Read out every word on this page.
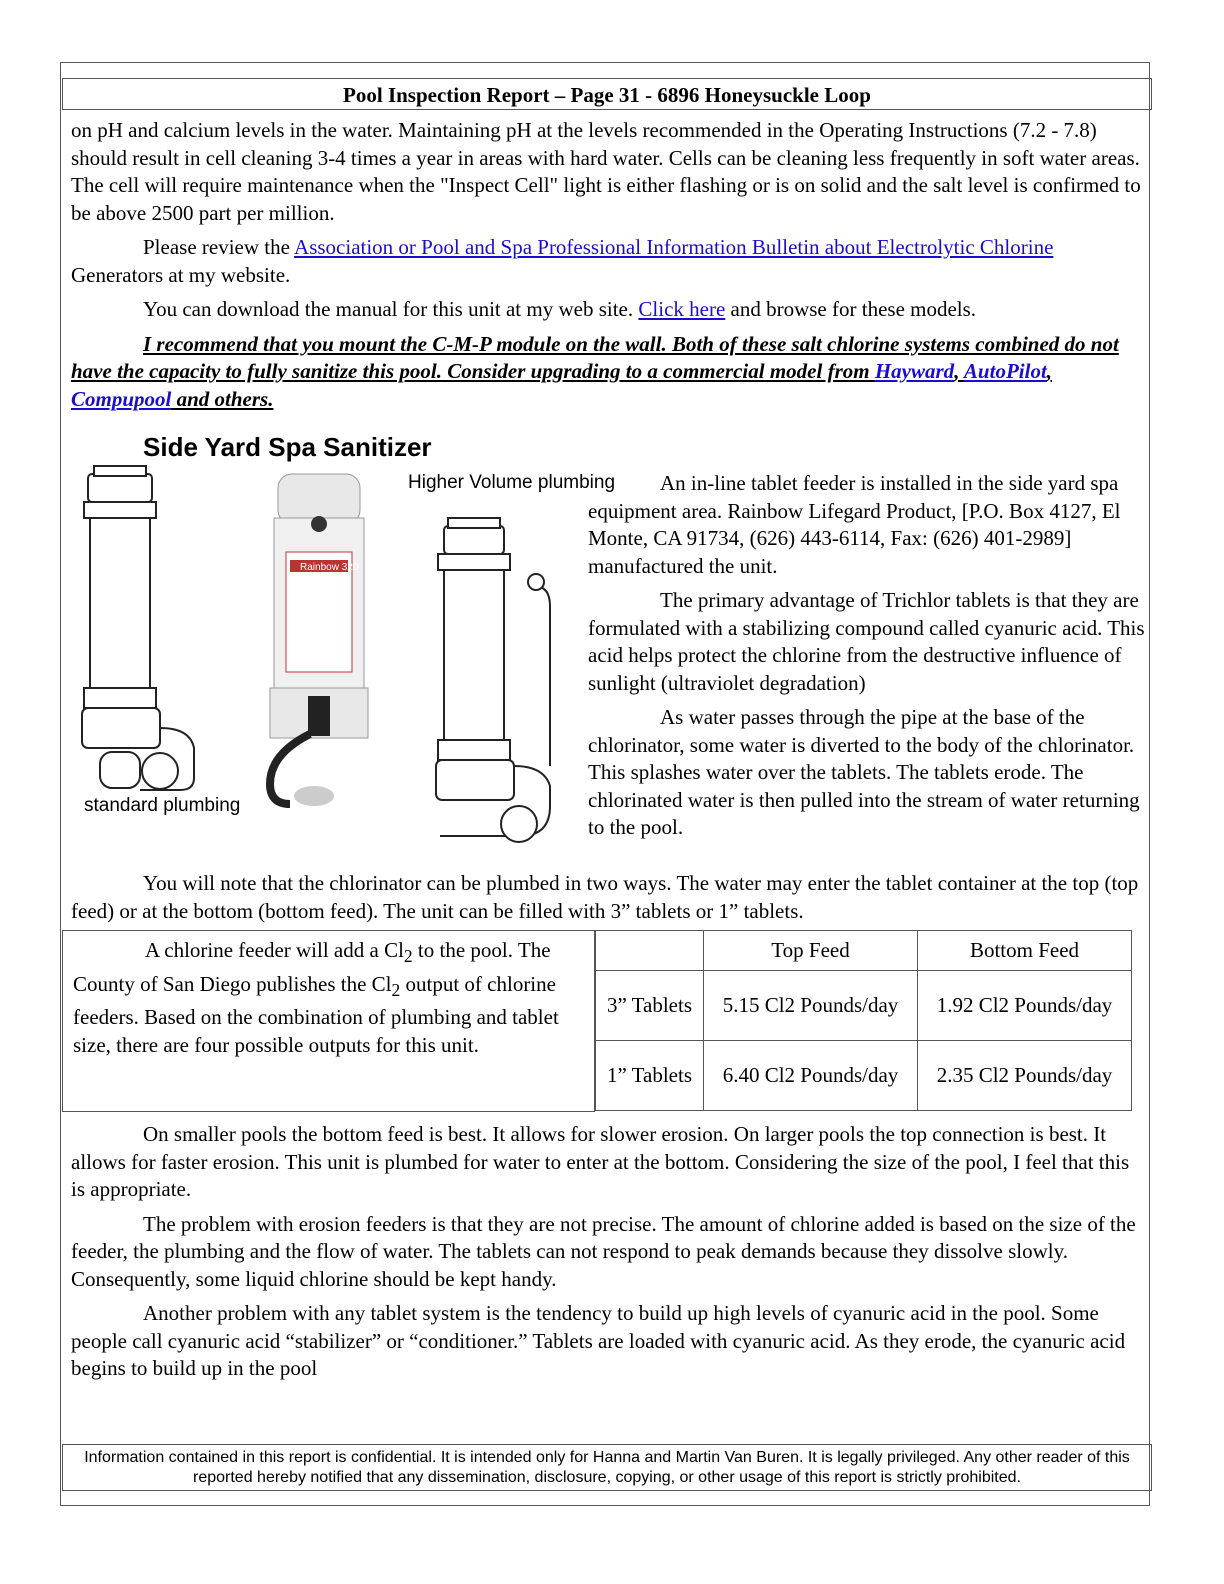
Pool Inspection Report – Page 31 - 6896 Honeysuckle Loop

on pH and calcium levels in the water. Maintaining pH at the levels recommended in the Operating Instructions (7.2 - 7.8) should result in cell cleaning 3-4 times a year in areas with hard water. Cells can be cleaning less frequently in soft water areas. The cell will require maintenance when the "Inspect Cell" light is either flashing or is on solid and the salt level is confirmed to be above 2500 part per million.

Please review the Association or Pool and Spa Professional Information Bulletin about Electrolytic Chlorine Generators at my website.

You can download the manual for this unit at my web site. Click here and browse for these models.

I recommend that you mount the C-M-P module on the wall. Both of these salt chlorine systems combined do not have the capacity to fully sanitize this pool. Consider upgrading to a commercial model from Hayward, AutoPilot, Compupool and others.

Side Yard Spa Sanitizer
Rainbow 320
standard plumbing
Higher Volume plumbing	An in-line tablet feeder is installed in the side yard spa equipment area. Rainbow Lifegard Product, [P.O. Box 4127, El Monte, CA 91734, (626) 443-6114, Fax: (626) 401-2989] manufactured the unit.

The primary advantage of Trichlor tablets is that they are formulated with a stabilizing compound called cyanuric acid. This acid helps protect the chlorine from the destructive influence of sunlight (ultraviolet degradation)

As water passes through the pipe at the base of the chlorinator, some water is diverted to the body of the chlorinator. This splashes water over the tablets. The tablets erode. The chlorinated water is then pulled into the stream of water returning to the pool.

You will note that the chlorinator can be plumbed in two ways. The water may enter the tablet container at the top (top feed) or at the bottom (bottom feed). The unit can be filled with 3” tablets or 1” tablets.

A chlorine feeder will add a $Cl_2$ to the pool. The County of San Diego publishes the $Cl_2$ output of chlorine feeders. Based on the combination of plumbing and tablet size, there are four possible outputs for this unit.
	Top Feed	Bottom Feed
3” Tablets	5.15 Cl2 Pounds/day	1.92 Cl2 Pounds/day
1” Tablets	6.40 Cl2 Pounds/day	2.35 Cl2 Pounds/day

On smaller pools the bottom feed is best. It allows for slower erosion. On larger pools the top connection is best. It allows for faster erosion. This unit is plumbed for water to enter at the bottom. Considering the size of the pool, I feel that this is appropriate.

The problem with erosion feeders is that they are not precise. The amount of chlorine added is based on the size of the feeder, the plumbing and the flow of water. The tablets can not respond to peak demands because they dissolve slowly. Consequently, some liquid chlorine should be kept handy.

Another problem with any tablet system is the tendency to build up high levels of cyanuric acid in the pool. Some people call cyanuric acid “stabilizer” or “conditioner.” Tablets are loaded with cyanuric acid. As they erode, the cyanuric acid begins to build up in the pool

Information contained in this report is confidential. It is intended only for Hanna and Martin Van Buren. It is legally privileged. Any other reader of this reported hereby notified that any dissemination, disclosure, copying, or other usage of this report is strictly prohibited.
